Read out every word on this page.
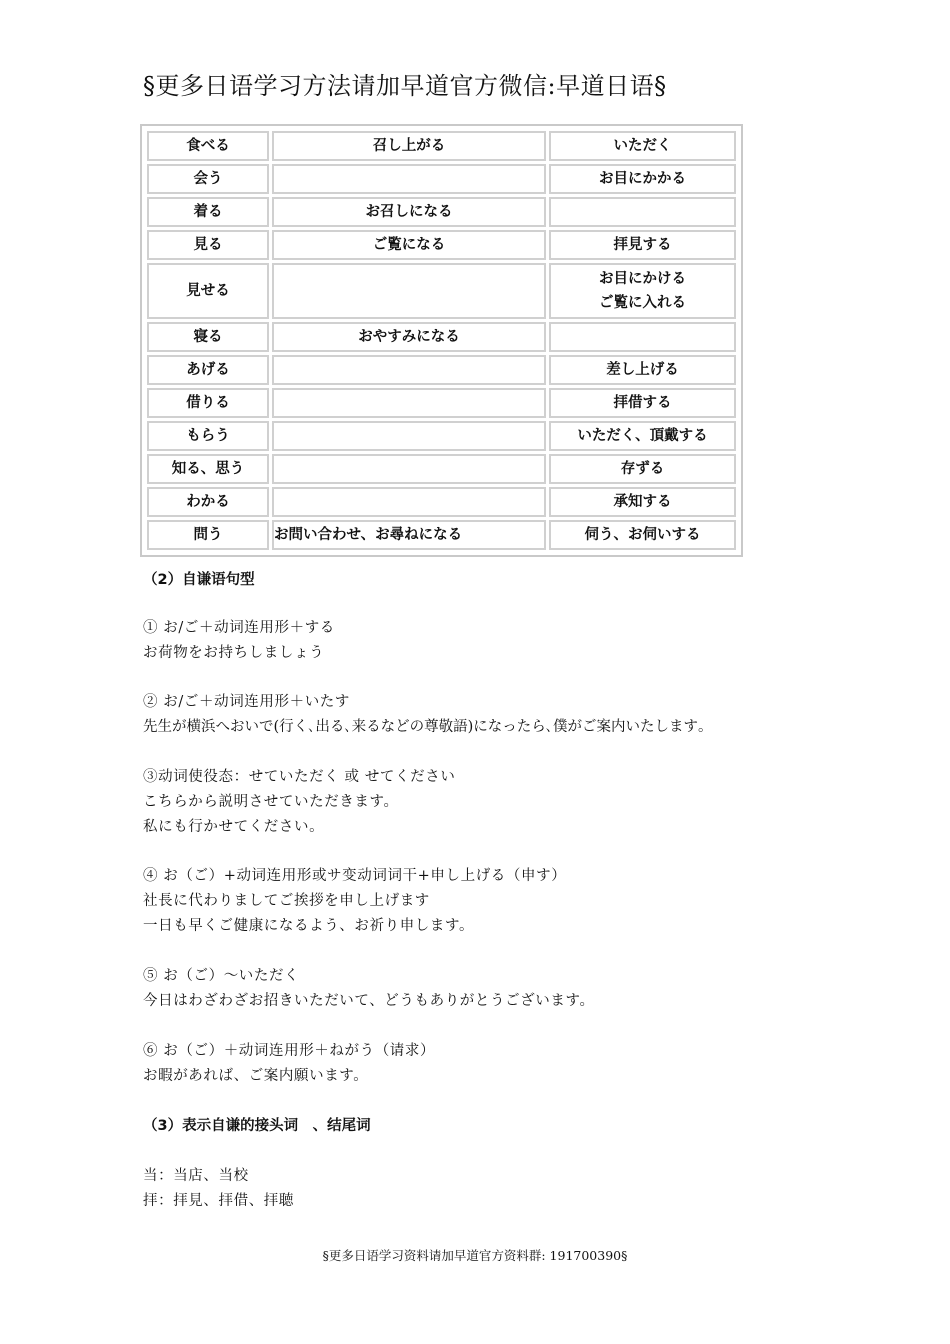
§更多日语学习方法请加早道官方微信:早道日语§
食べる	召し上がる	いただく

会う		お目にかかる

着る	お召しになる	

見る	ご覧になる	拝見する

見せる		お目にかける
ご覧に入れる

寝る	おやすみになる	

あげる		差し上げる

借りる		拝借する

もらう		いただく、頂戴する

知る、思う		存ずる

わかる		承知する

問う	お問い合わせ、お尋ねになる	伺う、お伺いする
（2）自谦语句型
① お/ご＋动词连用形＋する
お荷物をお持ちしましょう
② お/ご＋动词连用形＋いたす
先生が横浜へおいで(行く､出る､来るなどの尊敬語)になったら､僕がご案内いたします｡
③动词使役态：せていただく 或 せてください
こちらから説明させていただきます。
私にも行かせてください。
④ お（ご）+动词连用形或サ变动词词干+申し上げる（申す）
社長に代わりましてご挨拶を申し上げます
一日も早くご健康になるよう、お祈り申します。
⑤ お（ご）～いただく
今日はわざわざお招きいただいて、どうもありがとうございます。
⑥ お（ご）＋动词连用形＋ねがう（请求）
お暇があれば、ご案内願います。
（3）表示自谦的接头词　、结尾词
当：当店、当校
拝：拝見、拝借、拝聴
§更多日语学习资料请加早道官方资料群: 191700390§
